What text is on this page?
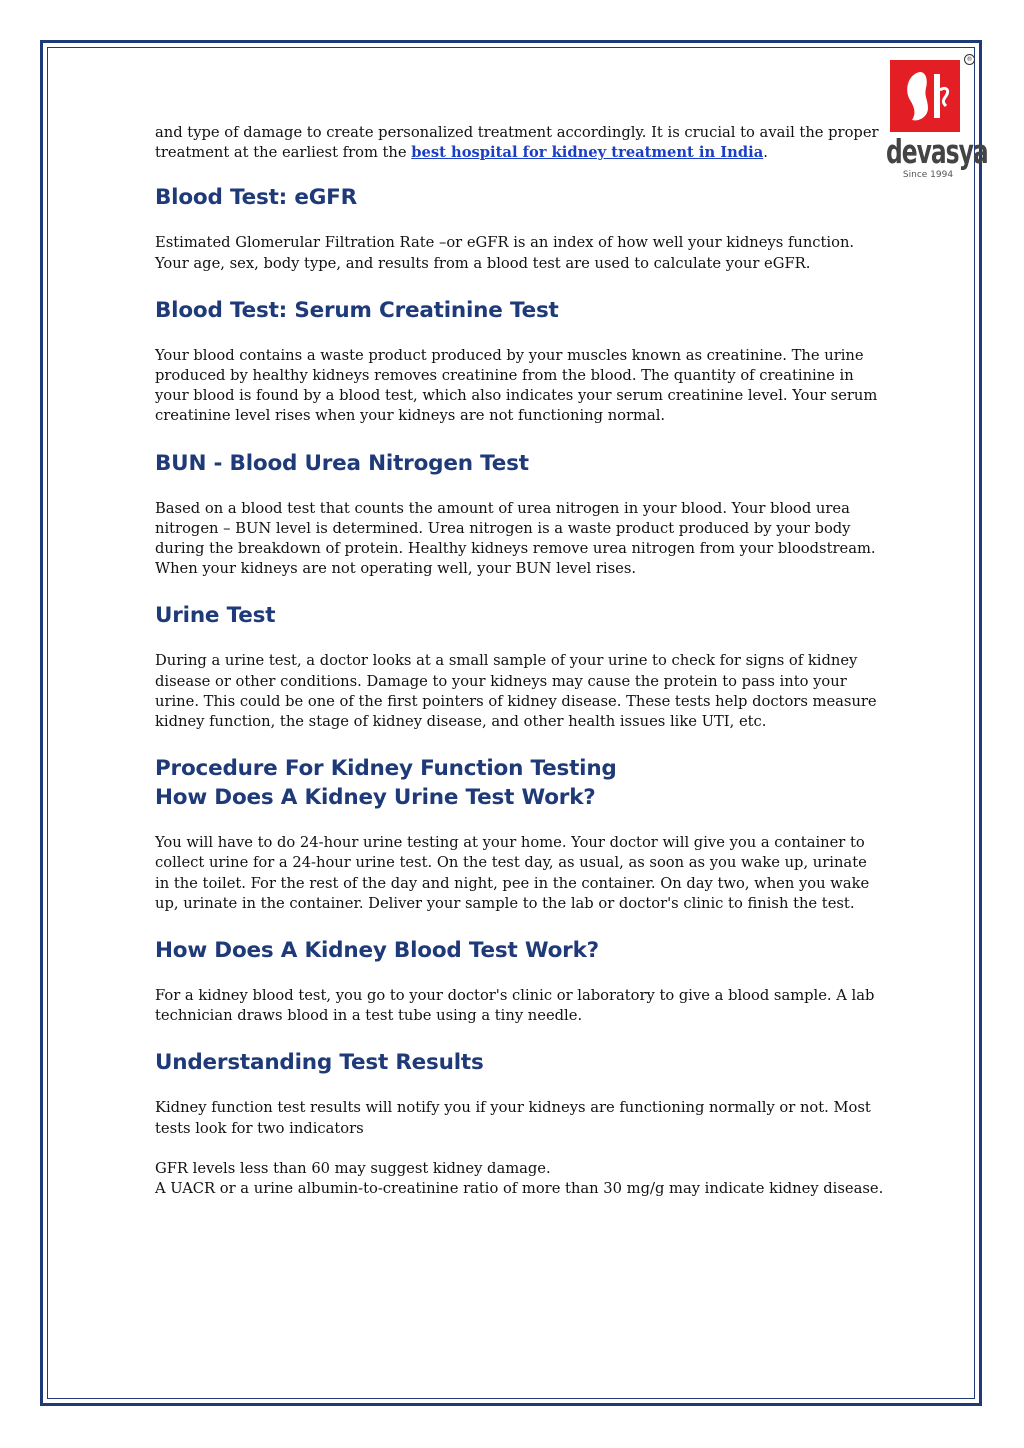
®
devasya
Since 1994

and type of damage to create personalized treatment accordingly. It is crucial to avail the proper treatment at the earliest from the best hospital for kidney treatment in India.

Blood Test: eGFR

Estimated Glomerular Filtration Rate –or eGFR is an index of how well your kidneys function. Your age, sex, body type, and results from a blood test are used to calculate your eGFR.

Blood Test: Serum Creatinine Test

Your blood contains a waste product produced by your muscles known as creatinine. The urine produced by healthy kidneys removes creatinine from the blood. The quantity of creatinine in your blood is found by a blood test, which also indicates your serum creatinine level. Your serum creatinine level rises when your kidneys are not functioning normal.

BUN - Blood Urea Nitrogen Test

Based on a blood test that counts the amount of urea nitrogen in your blood. Your blood urea nitrogen – BUN level is determined. Urea nitrogen is a waste product produced by your body during the breakdown of protein. Healthy kidneys remove urea nitrogen from your bloodstream. When your kidneys are not operating well, your BUN level rises.

Urine Test

During a urine test, a doctor looks at a small sample of your urine to check for signs of kidney disease or other conditions. Damage to your kidneys may cause the protein to pass into your urine. This could be one of the first pointers of kidney disease. These tests help doctors measure kidney function, the stage of kidney disease, and other health issues like UTI, etc.

Procedure For Kidney Function Testing
How Does A Kidney Urine Test Work?

You will have to do 24-hour urine testing at your home. Your doctor will give you a container to collect urine for a 24-hour urine test. On the test day, as usual, as soon as you wake up, urinate in the toilet. For the rest of the day and night, pee in the container. On day two, when you wake up, urinate in the container. Deliver your sample to the lab or doctor's clinic to finish the test.

How Does A Kidney Blood Test Work?

For a kidney blood test, you go to your doctor's clinic or laboratory to give a blood sample. A lab technician draws blood in a test tube using a tiny needle.

Understanding Test Results

Kidney function test results will notify you if your kidneys are functioning normally or not. Most tests look for two indicators

GFR levels less than 60 may suggest kidney damage.

A UACR or a urine albumin-to-creatinine ratio of more than 30 mg/g may indicate kidney disease.
